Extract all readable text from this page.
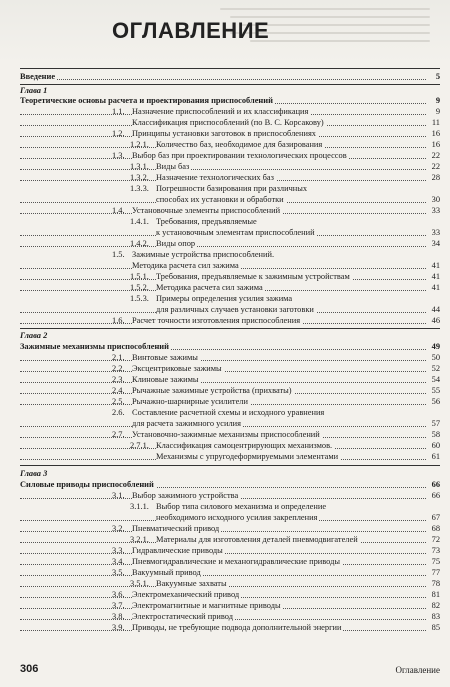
ОГЛАВЛЕНИЕ
Введение	5
Глава 1
Теоретические основы расчета и проектирования приспособлений	9
1.1. Назначение приспособлений и их классификация	9
Классификация приспособлений (по В. С. Корсакову)	11
1.2. Принципы установки заготовок в приспособлениях	16
1.2.1. Количество баз, необходимое для базирования	16
1.3. Выбор баз при проектировании технологических процессов	22
1.3.1. Виды баз	22
1.3.2. Назначение технологических баз	28
1.3.3. Погрешности базирования при различных
способах их установки и обработки	30
1.4. Установочные элементы приспособлений	33
1.4.1. Требования, предъявляемые
к установочным элементам приспособлений	33
1.4.2. Виды опор	34
1.5. Зажимные устройства приспособлений.
Методика расчета сил зажима	41
1.5.1. Требования, предъявляемые к зажимным устройствам	41
1.5.2. Методика расчета сил зажима	41
1.5.3. Примеры определения усилия зажима
для различных случаев установки заготовки	44
1.6. Расчет точности изготовления приспособления	46
Глава 2
Зажимные механизмы приспособлений	49
2.1. Винтовые зажимы	50
2.2. Эксцентриковые зажимы	52
2.3. Клиновые зажимы	54
2.4. Рычажные зажимные устройства (прихваты)	55
2.5. Рычажно-шарнирные усилители	56
2.6. Составление расчетной схемы и исходного уравнения
для расчета зажимного усилия	57
2.7. Установочно-зажимные механизмы приспособлений	58
2.7.1. Классификация самоцентрирующих механизмов.	60
Механизмы с упругодеформируемыми элементами	61
Глава 3
Силовые приводы приспособлений	66
3.1. Выбор зажимного устройства	66
3.1.1. Выбор типа силового механизма и определение
необходимого исходного усилия закрепления	67
3.2. Пневматический привод	68
3.2.1. Материалы для изготовления деталей пневмодвигателей	72
3.3. Гидравлические приводы	73
3.4. Пневмогидравлические и механогидравлические приводы	75
3.5. Вакуумный привод	77
3.5.1. Вакуумные захваты	78
3.6. Электромеханический привод	81
3.7. Электромагнитные и магнитные приводы	82
3.8. Электростатический привод	83
3.9. Приводы, не требующие подвода дополнительной энергии	85
306	Оглавление
